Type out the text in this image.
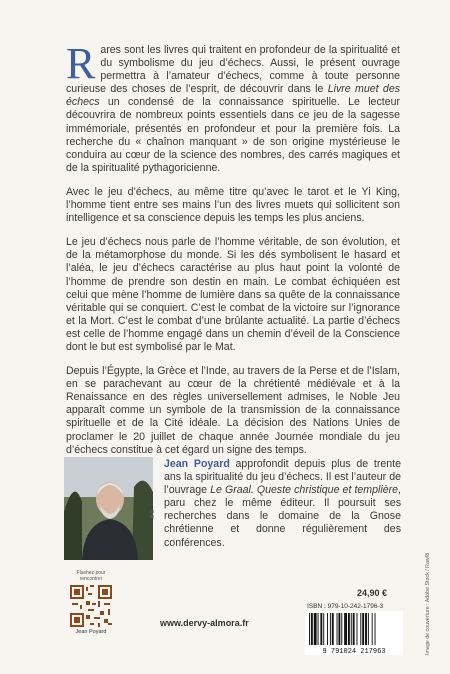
Rares sont les livres qui traitent en profondeur de la spiritualité et du symbolisme du jeu d’échecs. Aussi, le présent ouvrage permettra à l’amateur d’échecs, comme à toute personne curieuse des choses de l’esprit, de découvrir dans le Livre muet des échecs un condensé de la connaissance spirituelle. Le lecteur découvrira de nombreux points essentiels dans ce jeu de la sagesse immémoriale, présentés en profondeur et pour la première fois. La recherche du « chaînon manquant » de son origine mystérieuse le conduira au cœur de la science des nombres, des carrés magiques et de la spiritualité pythagoricienne.

Avec le jeu d’échecs, au même titre qu’avec le tarot et le Yi King, l’homme tient entre ses mains l’un des livres muets qui sollicitent son intelligence et sa conscience depuis les temps les plus anciens.

Le jeu d’échecs nous parle de l’homme véritable, de son évolution, et de la métamorphose du monde. Si les dés symbolisent le hasard et l’aléa, le jeu d’échecs caractérise au plus haut point la volonté de l’homme de prendre son destin en main. Le combat échiquéen est celui que mène l’homme de lumière dans sa quête de la connaissance véritable qui se conquiert. C’est le combat de la victoire sur l’ignorance et la Mort. C’est le combat d’une brûlante actualité. La partie d’échecs est celle de l’homme engagé dans un chemin d’éveil de la Conscience dont le but est symbolisé par le Mat.

Depuis l’Égypte, la Grèce et l’Inde, au travers de la Perse et de l’Islam, en se parachevant au cœur de la chrétienté médiévale et à la Renaissance en des règles universellement admises, le Noble Jeu apparaît comme un symbole de la transmission de la connaissance spirituelle et de la Cité idéale. La décision des Nations Unies de proclamer le 20 juillet de chaque année Journée mondiale du jeu d’échecs constitue à cet égard un signe des temps.

D.R.
Jean Poyard approfondit depuis plus de trente ans la spiritualité du jeu d’échecs. Il est l’auteur de l’ouvrage Le Graal. Queste christique et templière, paru chez le même éditeur. Il poursuit ses recherches dans le domaine de la Gnose chrétienne et donne régulièrement des conférences.
Flashez pour rencontrer
Jean Poyard
www.dervy-almora.fr
24,90 €
ISBN : 979-10-242-1796-3
9 791024 217963	Image de couverture : Adobe Stock / Rawf8
